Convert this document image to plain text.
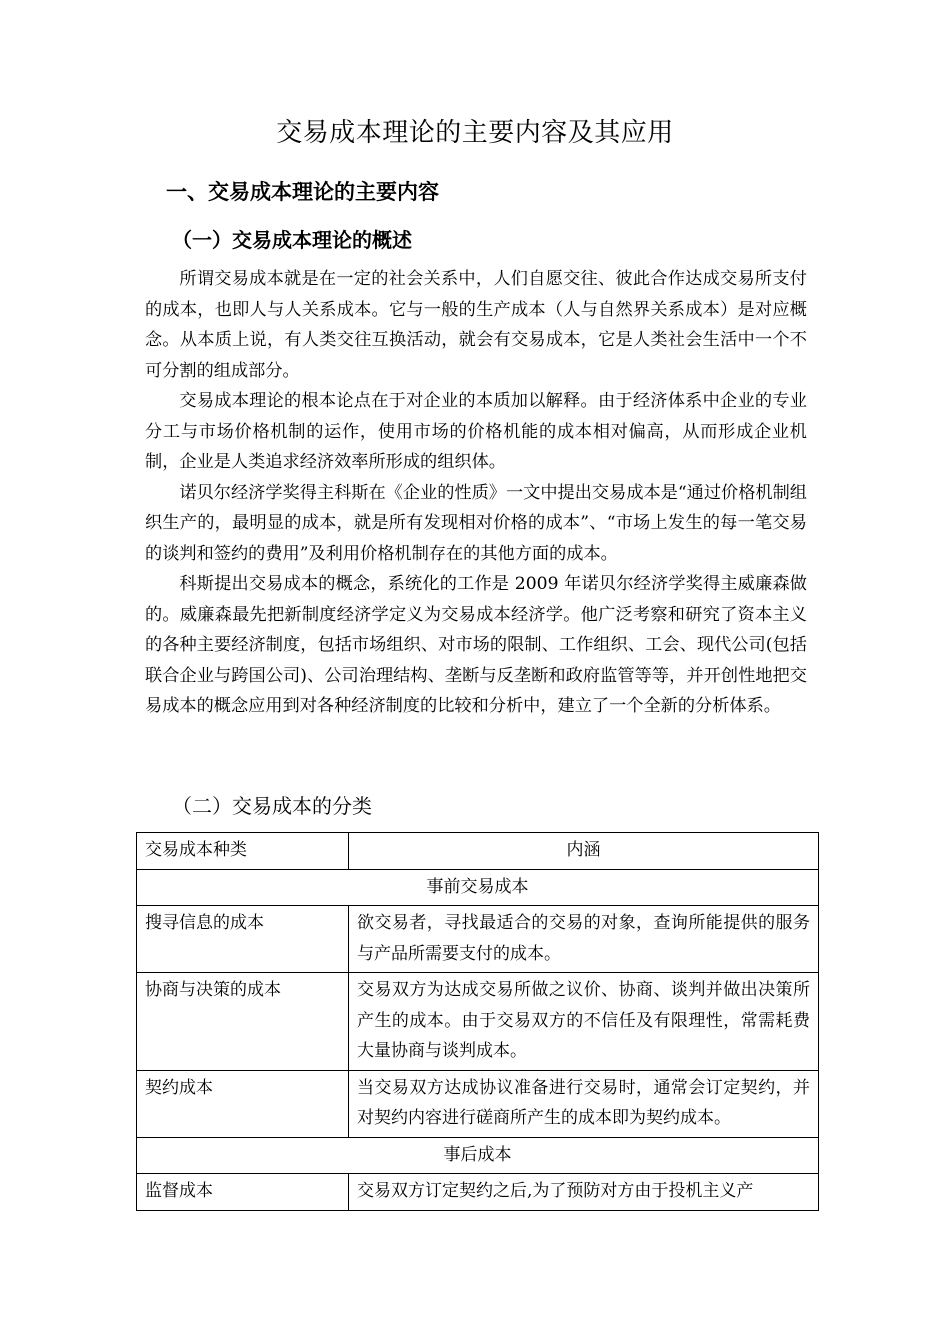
交易成本理论的主要内容及其应用
一、交易成本理论的主要内容
（一）交易成本理论的概述

所谓交易成本就是在一定的社会关系中，人们自愿交往、彼此合作达成交易所支付的成本，也即人与人关系成本。它与一般的生产成本（人与自然界关系成本）是对应概念。从本质上说，有人类交往互换活动，就会有交易成本，它是人类社会生活中一个不可分割的组成部分。

交易成本理论的根本论点在于对企业的本质加以解释。由于经济体系中企业的专业分工与市场价格机制的运作，使用市场的价格机能的成本相对偏高，从而形成企业机制，企业是人类追求经济效率所形成的组织体。

诺贝尔经济学奖得主科斯在《企业的性质》一文中提出交易成本是“通过价格机制组织生产的，最明显的成本，就是所有发现相对价格的成本”、“市场上发生的每一笔交易的谈判和签约的费用”及利用价格机制存在的其他方面的成本。

科斯提出交易成本的概念，系统化的工作是 2009 年诺贝尔经济学奖得主威廉森做的。威廉森最先把新制度经济学定义为交易成本经济学。他广泛考察和研究了资本主义的各种主要经济制度，包括市场组织、对市场的限制、工作组织、工会、现代公司(包括联合企业与跨国公司)、公司治理结构、垄断与反垄断和政府监管等等，并开创性地把交易成本的概念应用到对各种经济制度的比较和分析中，建立了一个全新的分析体系。

（二）交易成本的分类
交易成本种类	内涵
事前交易成本	
搜寻信息的成本	欲交易者，寻找最适合的交易的对象，查询所能提供的服务与产品所需要支付的成本。
协商与决策的成本	交易双方为达成交易所做之议价、协商、谈判并做出决策所产生的成本。由于交易双方的不信任及有限理性，常需耗费大量协商与谈判成本。
契约成本	当交易双方达成协议准备进行交易时，通常会订定契约，并对契约内容进行磋商所产生的成本即为契约成本。
事后成本	
监督成本	交易双方订定契约之后,为了预防对方由于投机主义产
